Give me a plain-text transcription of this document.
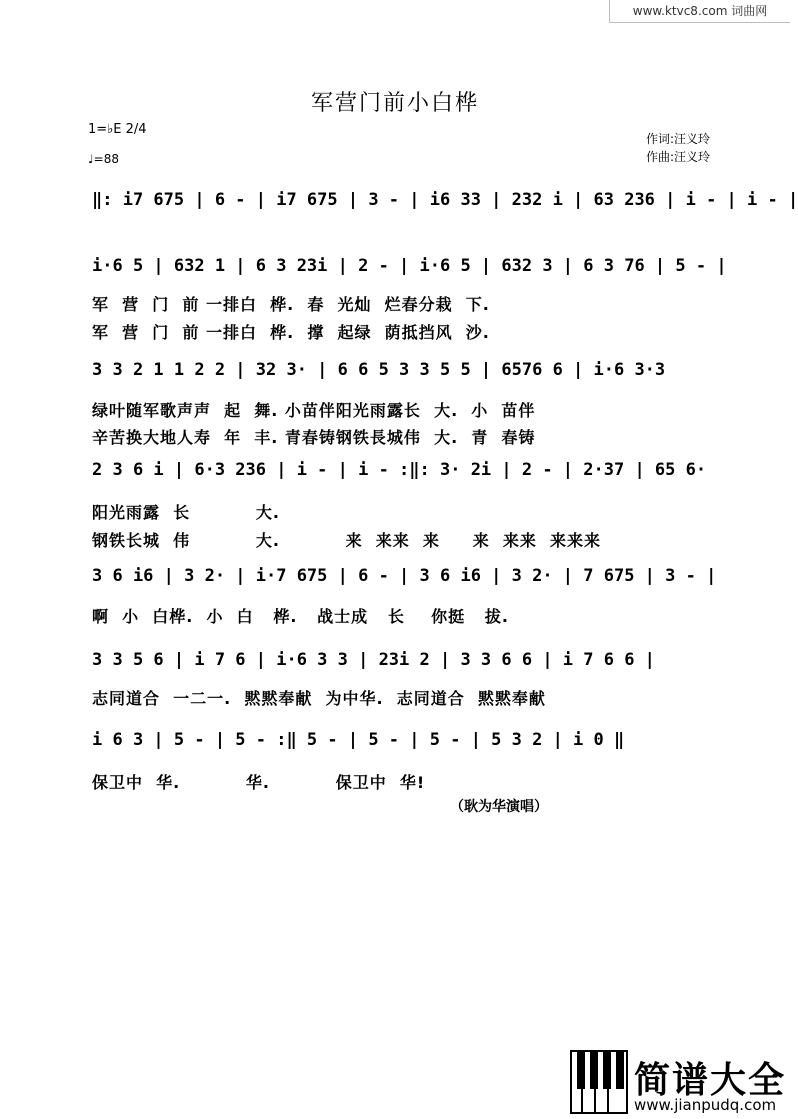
www.ktvc8.com 词曲网
军营门前小白桦
1=♭E 2/4
♩=88
作词:汪义玲
作曲:汪义玲
‖: i7 675 | 6 - | i7 675 | 3 - | i6 33 | 232 i | 63 236 | i - | i - |
i·6 5 | 632 1 | 6 3 23i | 2 - | i·6 5 | 632 3 | 6 3 76 | 5 - |
3 3 2 1 1 2 2 | 32 3· | 6 6 5 3 3 5 5 | 6576 6 | i·6 3·3
2 3 6 i | 6·3 236 | i - | i - :‖: 3· 2i | 2 - | 2·37 | 65 6·
3 6 i6 | 3 2· | i·7 675 | 6 - | 3 6 i6 | 3 2· | 7 675 | 3 - |
3 3 5 6 | i 7 6 | i·6 3 3 | 23i 2 | 3 3 6 6 | i 7 6 6 |
i 6 3 | 5 - | 5 - :‖ 5 - | 5 - | 5 - | 5 3 2 | i 0 ‖
军  营  门  前 一排白  桦.  春  光灿  烂春分栽  下.
军  营  门  前 一排白  桦.  撑  起绿  荫抵挡风  沙.
绿叶随军歌声声  起  舞. 小苗伴阳光雨露长  大.  小  苗伴
辛苦换大地人寿  年  丰. 青春铸钢铁長城伟  大.  青  春铸
阳光雨露  长          大.
钢铁长城  伟          大.          来  来来  来     来  来来  来来来
啊  小  白桦.  小  白   桦.   战士成   长    你挺   拔.
志同道合  一二一.  黙黙奉献  为中华.  志同道合  黙黙奉献
保卫中  华.          华.          保卫中  华!
（耿为华演唱）
简谱大全
www.jianpudq.com
